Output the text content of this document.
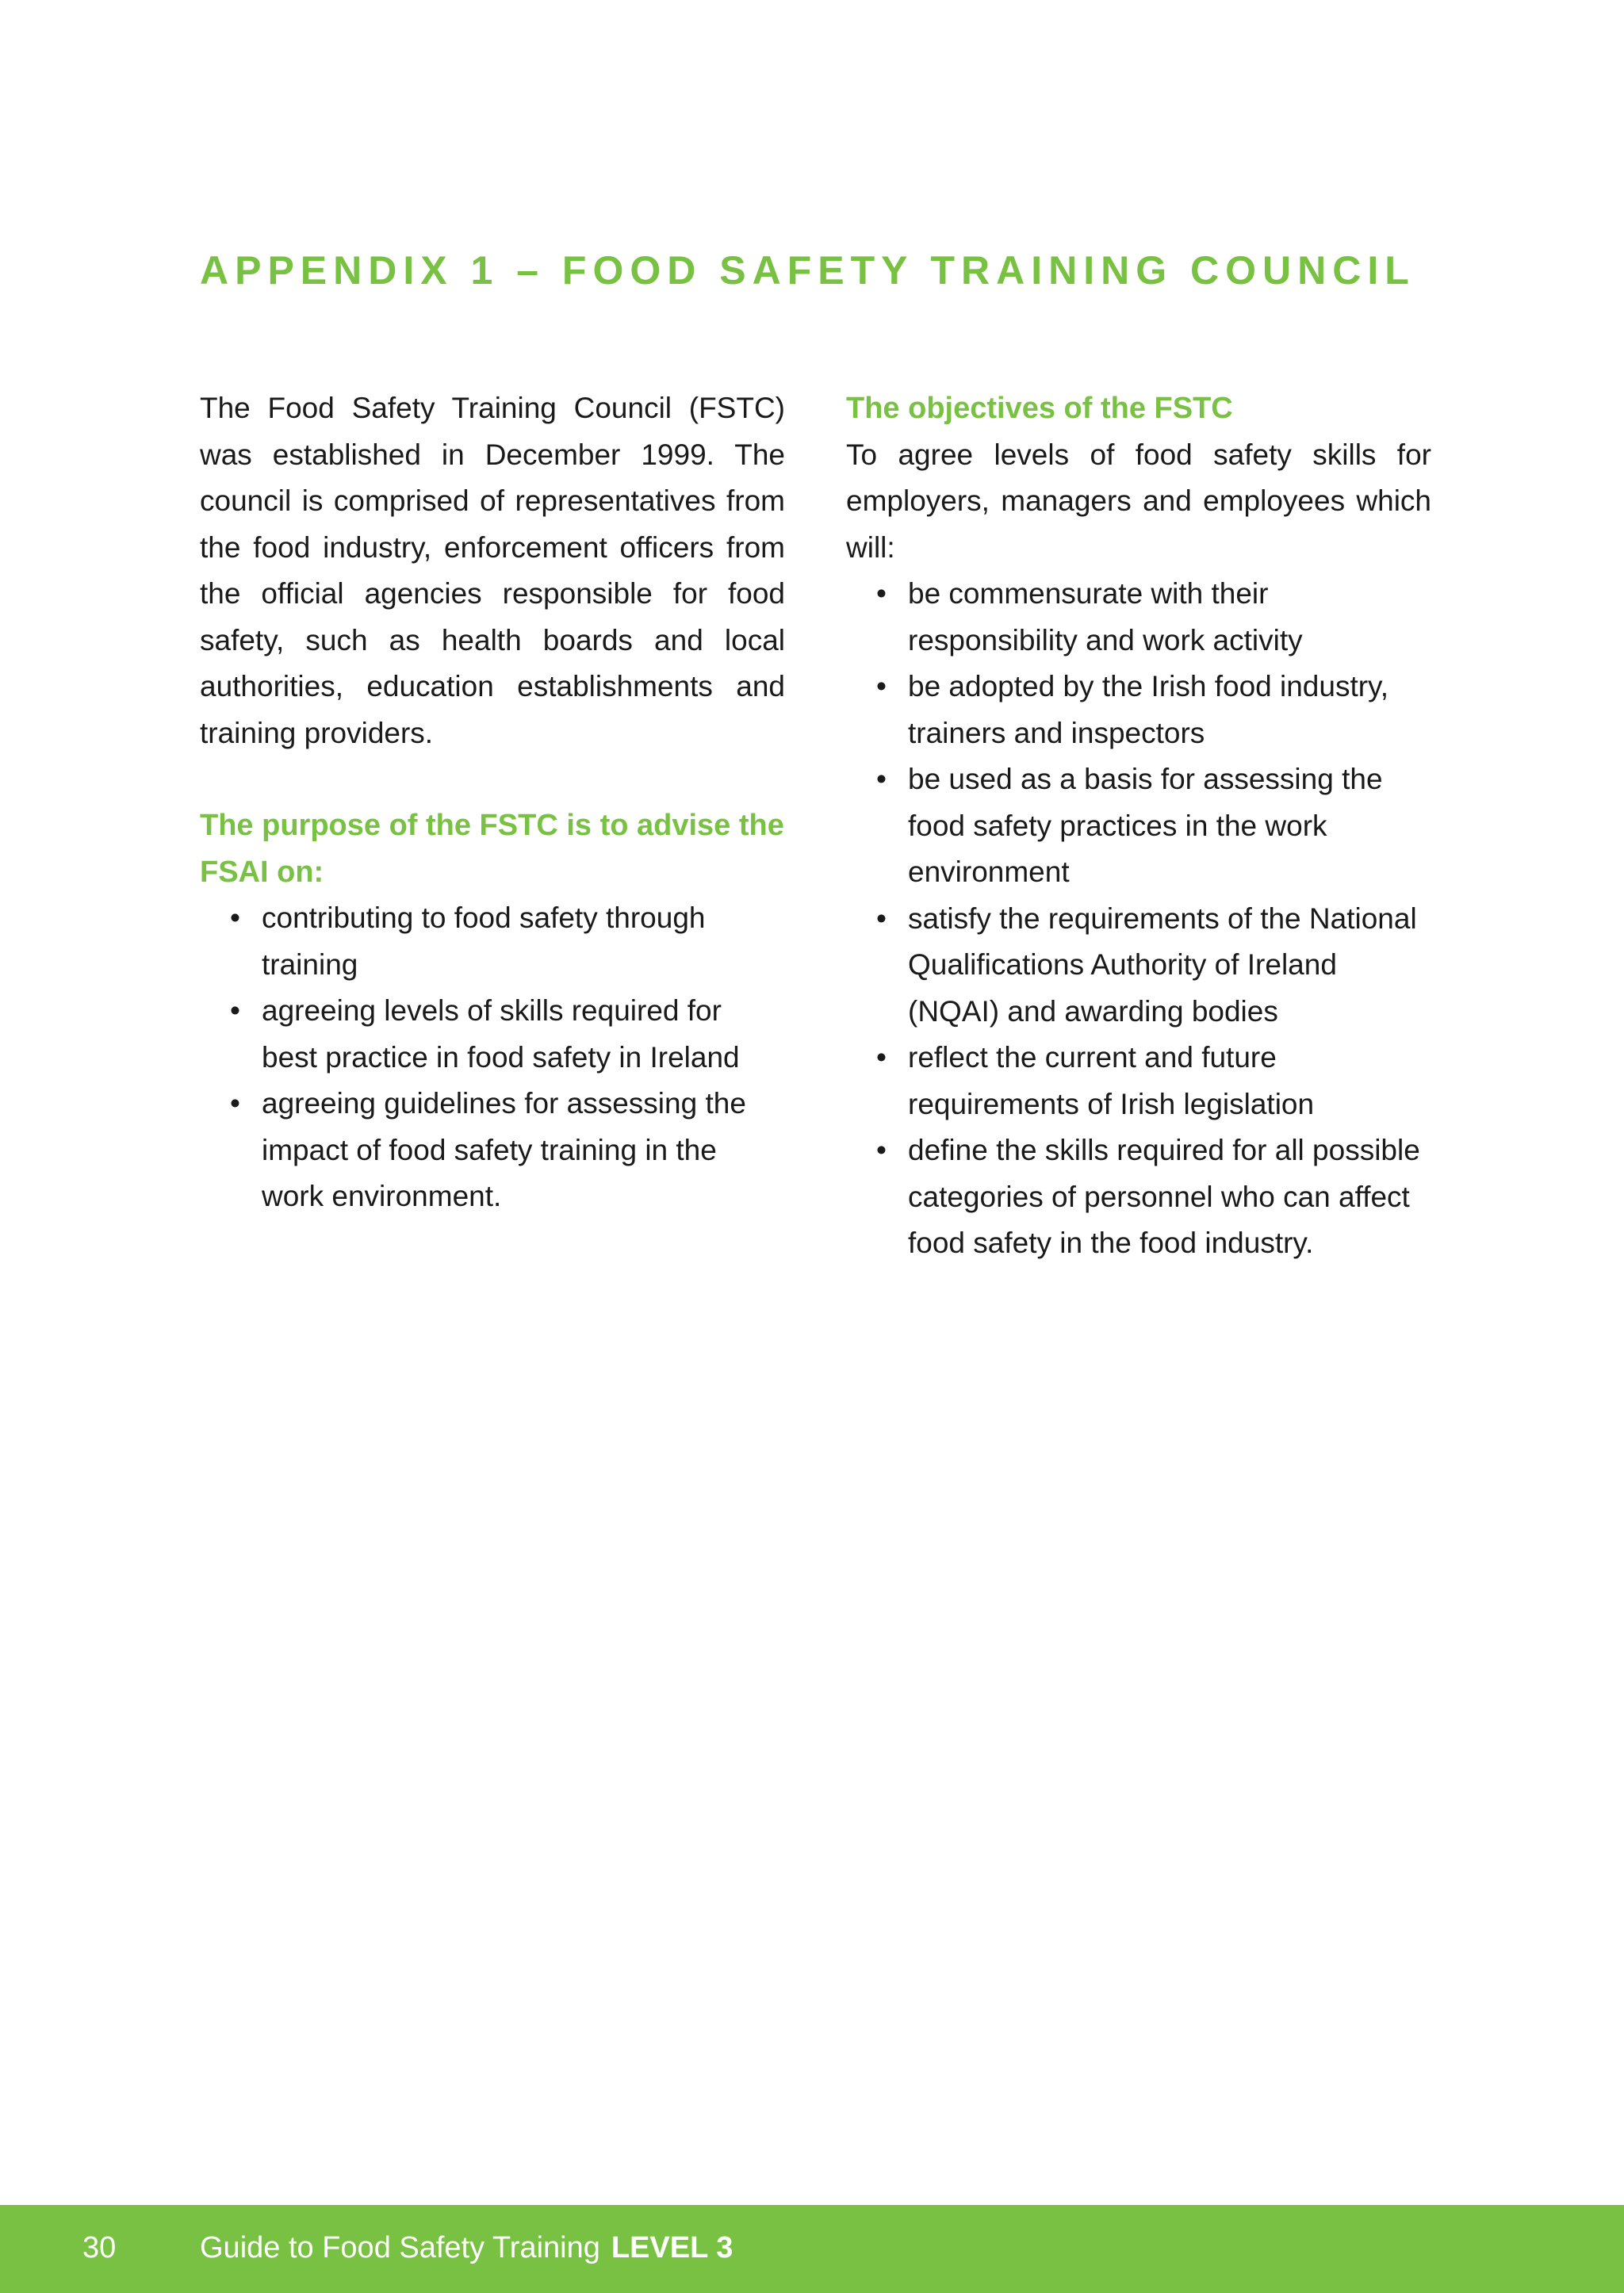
APPENDIX 1 – FOOD SAFETY TRAINING COUNCIL

The Food Safety Training Council (FSTC) was established in December 1999. The council is comprised of representatives from the food industry, enforcement officers from the official agencies responsible for food safety, such as health boards and local authorities, education establishments and training providers.

The purpose of the FSTC is to advise the FSAI on:
• contributing to food safety through training
• agreeing levels of skills required for best practice in food safety in Ireland
• agreeing guidelines for assessing the impact of food safety training in the work environment.
The objectives of the FSTC

To agree levels of food safety skills for employers, managers and employees which will:

• be commensurate with their responsibility and work activity
• be adopted by the Irish food industry, trainers and inspectors
• be used as a basis for assessing the food safety practices in the work environment
• satisfy the requirements of the National Qualifications Authority of Ireland (NQAI) and awarding bodies
• reflect the current and future requirements of Irish legislation
• define the skills required for all possible categories of personnel who can affect food safety in the food industry.
30	Guide to Food Safety Training LEVEL 3
